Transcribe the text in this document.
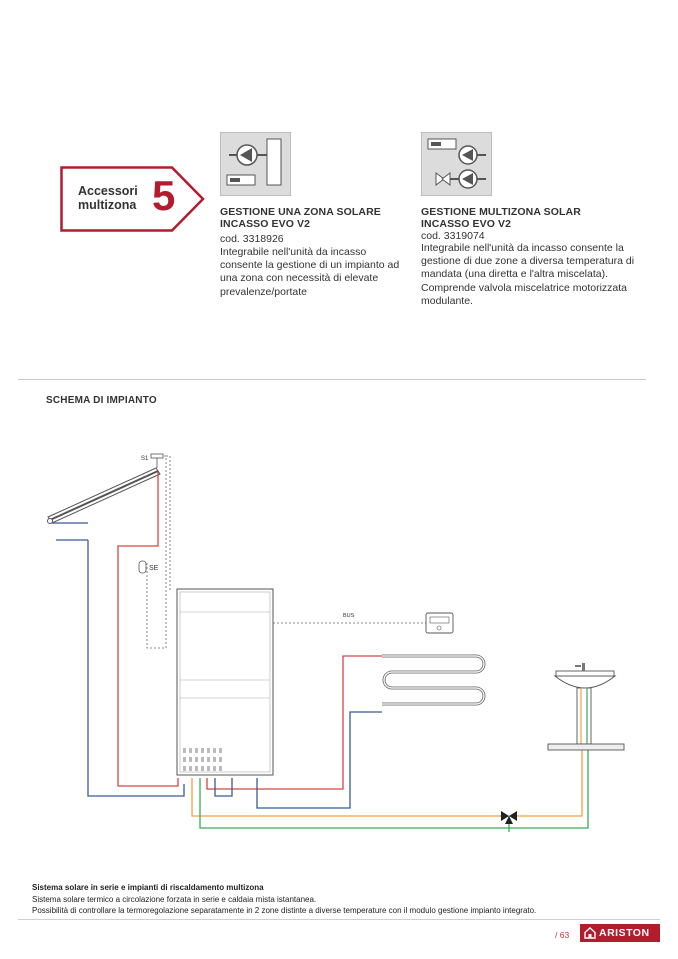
Accessori multizona 5	GESTIONE UNA ZONA SOLARE INCASSO EVO V2
cod. 3318926
Integrabile nell'unità da incasso consente la gestione di un impianto ad una zona con necessità di elevate prevalenze/portate
GESTIONE MULTIZONA SOLAR INCASSO EVO V2
cod. 3319074
Integrabile nell'unità da incasso consente la gestione di due zone a diversa temperatura di mandata (una diretta e l'altra miscelata). Comprende valvola miscelatrice motorizzata modulante.
SCHEMA DI IMPIANTO
S1
SE
BUS
Sistema solare in serie e impianti di riscaldamento multizona
Sistema solare termico a circolazione forzata in serie e caldaia mista istantanea.
Possibilità di controllare la termoregolazione separatamente in 2 zone distinte a diverse temperature con il modulo gestione impianto integrato.
/ 63	ARISTON
